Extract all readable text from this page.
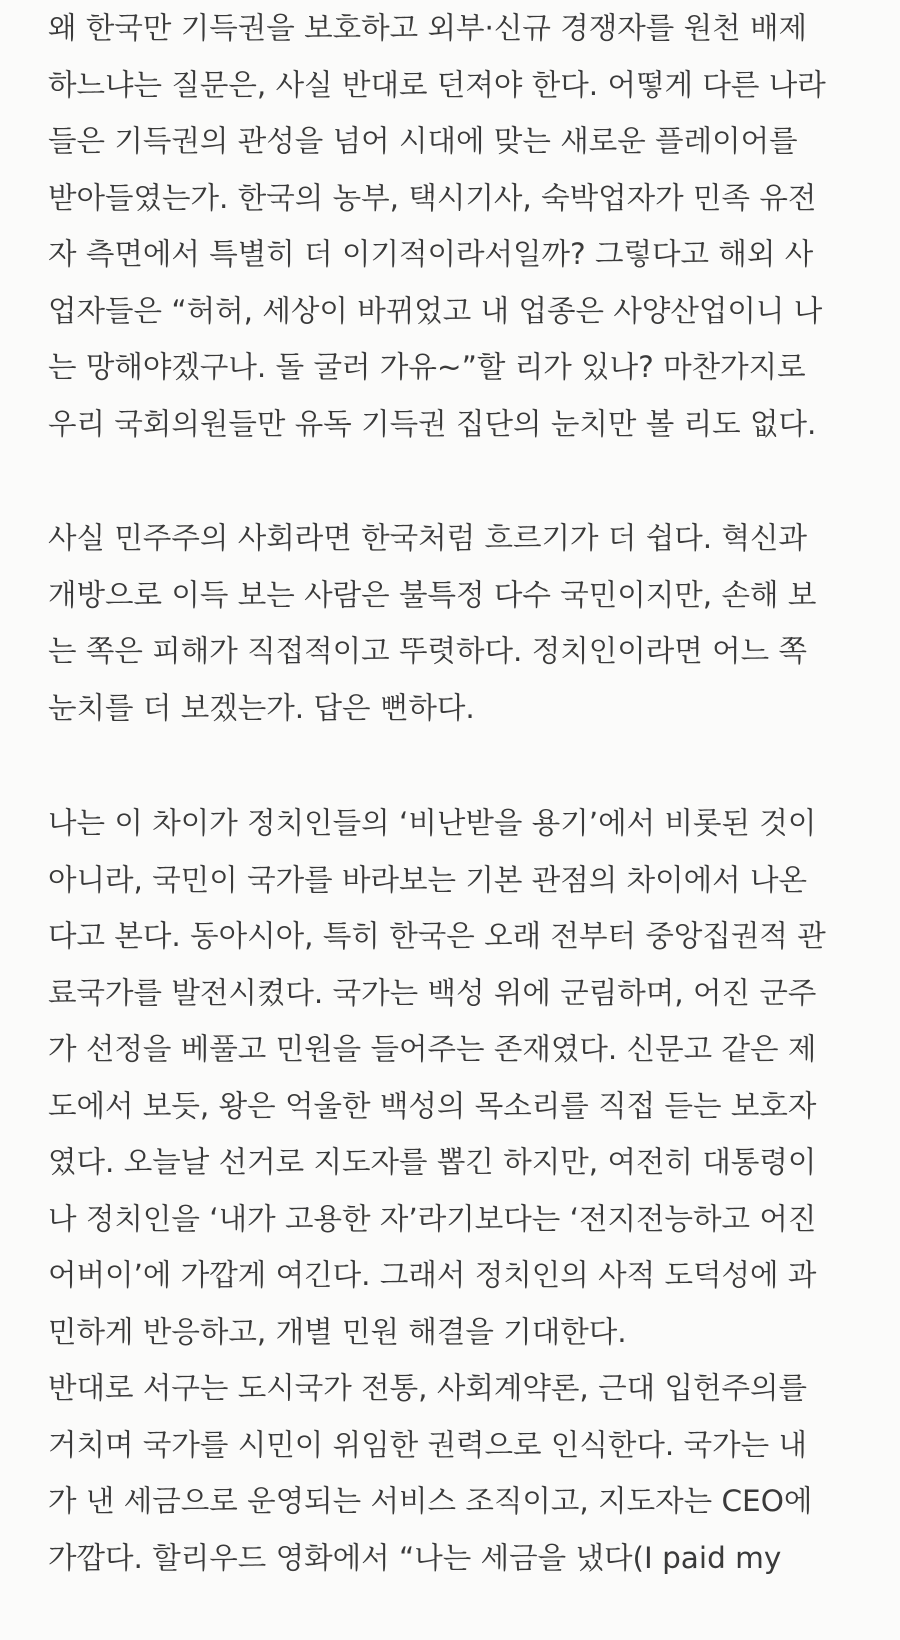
왜 한국만 기득권을 보호하고 외부·신규 경쟁자를 원천 배제
하느냐는 질문은, 사실 반대로 던져야 한다. 어떻게 다른 나라
들은 기득권의 관성을 넘어 시대에 맞는 새로운 플레이어를
받아들였는가. 한국의 농부, 택시기사, 숙박업자가 민족 유전
자 측면에서 특별히 더 이기적이라서일까? 그렇다고 해외 사
업자들은 “허허, 세상이 바뀌었고 내 업종은 사양산업이니 나
는 망해야겠구나. 돌 굴러 가유~”할 리가 있나? 마찬가지로
우리 국회의원들만 유독 기득권 집단의 눈치만 볼 리도 없다.
사실 민주주의 사회라면 한국처럼 흐르기가 더 쉽다. 혁신과
개방으로 이득 보는 사람은 불특정 다수 국민이지만, 손해 보
는 쪽은 피해가 직접적이고 뚜렷하다. 정치인이라면 어느 쪽
눈치를 더 보겠는가. 답은 뻔하다.
나는 이 차이가 정치인들의 ‘비난받을 용기’에서 비롯된 것이
아니라, 국민이 국가를 바라보는 기본 관점의 차이에서 나온
다고 본다. 동아시아, 특히 한국은 오래 전부터 중앙집권적 관
료국가를 발전시켰다. 국가는 백성 위에 군림하며, 어진 군주
가 선정을 베풀고 민원을 들어주는 존재였다. 신문고 같은 제
도에서 보듯, 왕은 억울한 백성의 목소리를 직접 듣는 보호자
였다. 오늘날 선거로 지도자를 뽑긴 하지만, 여전히 대통령이
나 정치인을 ‘내가 고용한 자’라기보다는 ‘전지전능하고 어진
어버이’에 가깝게 여긴다. 그래서 정치인의 사적 도덕성에 과
민하게 반응하고, 개별 민원 해결을 기대한다.
반대로 서구는 도시국가 전통, 사회계약론, 근대 입헌주의를
거치며 국가를 시민이 위임한 권력으로 인식한다. 국가는 내
가 낸 세금으로 운영되는 서비스 조직이고, 지도자는 CEO에
가깝다. 할리우드 영화에서 “나는 세금을 냈다(I paid my
